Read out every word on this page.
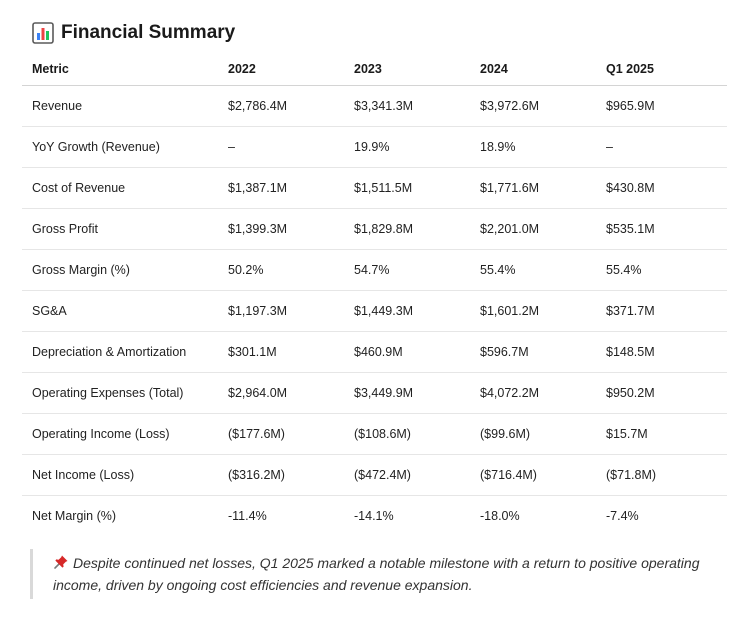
Financial Summary
Metric	2022	2023	2024	Q1 2025
Revenue	$2,786.4M	$3,341.3M	$3,972.6M	$965.9M
YoY Growth (Revenue)	–	19.9%	18.9%	–
Cost of Revenue	$1,387.1M	$1,511.5M	$1,771.6M	$430.8M
Gross Profit	$1,399.3M	$1,829.8M	$2,201.0M	$535.1M
Gross Margin (%)	50.2%	54.7%	55.4%	55.4%
SG&A	$1,197.3M	$1,449.3M	$1,601.2M	$371.7M
Depreciation & Amortization	$301.1M	$460.9M	$596.7M	$148.5M
Operating Expenses (Total)	$2,964.0M	$3,449.9M	$4,072.2M	$950.2M
Operating Income (Loss)	($177.6M)	($108.6M)	($99.6M)	$15.7M
Net Income (Loss)	($316.2M)	($472.4M)	($716.4M)	($71.8M)
Net Margin (%)	-11.4%	-14.1%	-18.0%	-7.4%
Despite continued net losses, Q1 2025 marked a notable milestone with a return to positive operating income, driven by ongoing cost efficiencies and revenue expansion.
